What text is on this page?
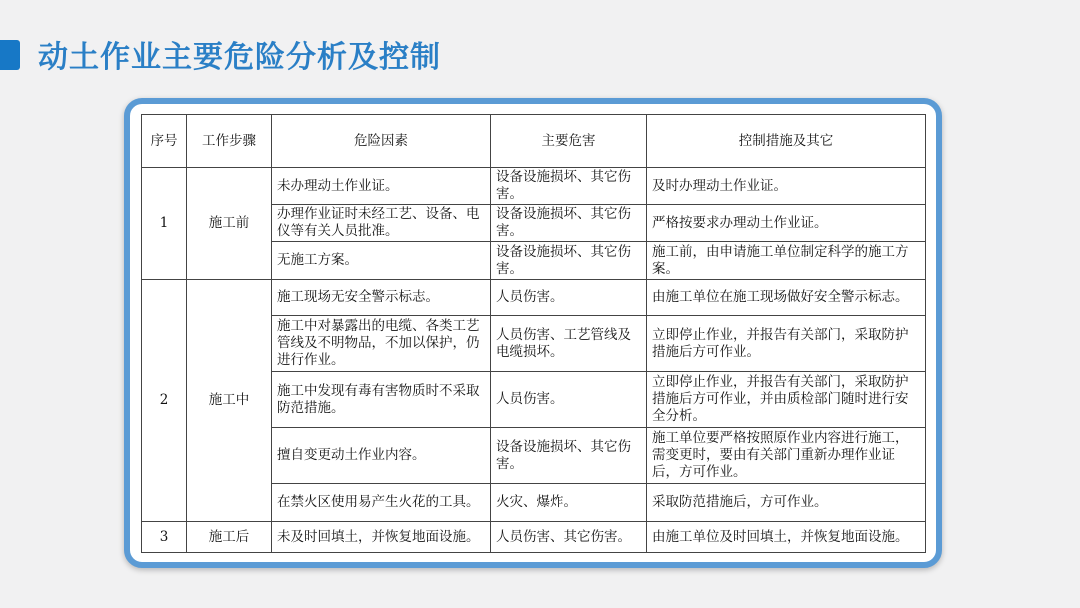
动土作业主要危险分析及控制
序号	工作步骤	危险因素	主要危害	控制措施及其它
1	施工前	未办理动土作业证。	设备设施损坏、其它伤害。	及时办理动土作业证。
		办理作业证时未经工艺、设备、电仪等有关人员批准。	设备设施损坏、其它伤害。	严格按要求办理动土作业证。
		无施工方案。	设备设施损坏、其它伤害。	施工前，由申请施工单位制定科学的施工方案。
2	施工中	施工现场无安全警示标志。	人员伤害。	由施工单位在施工现场做好安全警示标志。
		施工中对暴露出的电缆、各类工艺管线及不明物品，不加以保护，仍进行作业。	人员伤害、工艺管线及电缆损坏。	立即停止作业，并报告有关部门，采取防护措施后方可作业。
		施工中发现有毒有害物质时不采取防范措施。	人员伤害。	立即停止作业，并报告有关部门，采取防护措施后方可作业，并由质检部门随时进行安全分析。
		擅自变更动土作业内容。	设备设施损坏、其它伤害。	施工单位要严格按照原作业内容进行施工，需变更时，要由有关部门重新办理作业证后，方可作业。
		在禁火区使用易产生火花的工具。	火灾、爆炸。	采取防范措施后，方可作业。
3	施工后	未及时回填土，并恢复地面设施。	人员伤害、其它伤害。	由施工单位及时回填土，并恢复地面设施。
